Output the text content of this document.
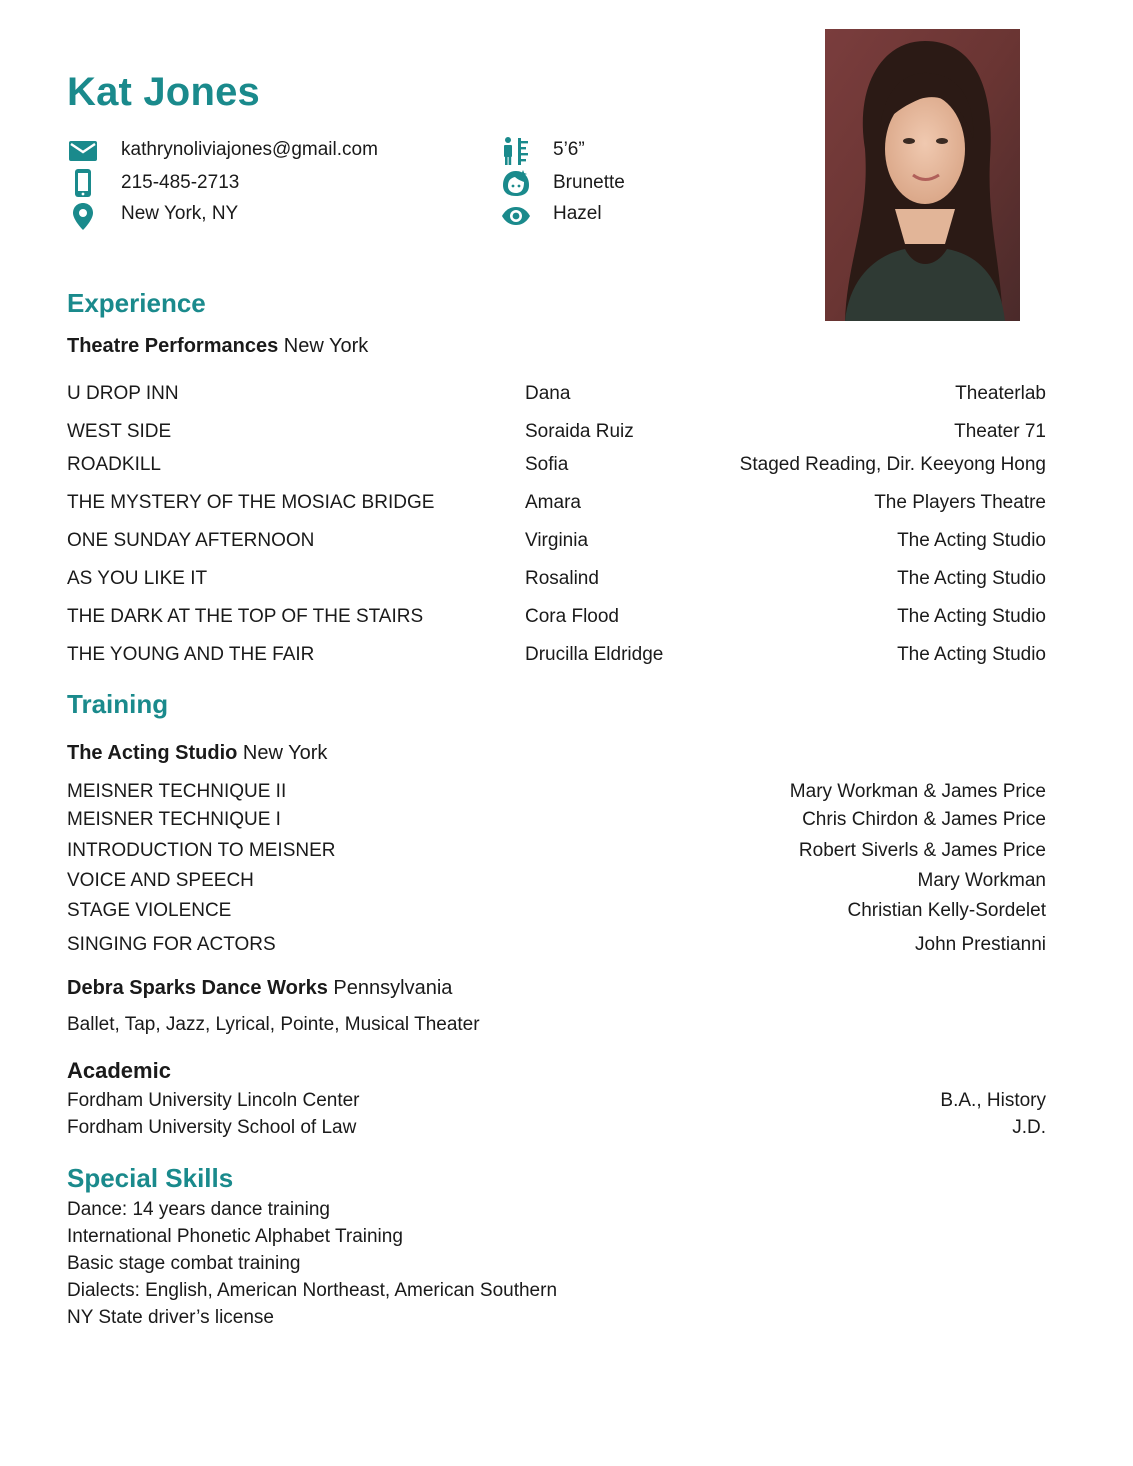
Kat Jones
kathrynoliviajones@gmail.com
215-485-2713
New York, NY
5’6”
Brunette
Hazel
Experience
Theatre Performances New York
U DROP INN	Dana	Theaterlab
WEST SIDE	Soraida Ruiz	Theater 71
ROADKILL	Sofia	Staged Reading, Dir. Keeyong Hong
THE MYSTERY OF THE MOSIAC BRIDGE	Amara	The Players Theatre
ONE SUNDAY AFTERNOON	Virginia	The Acting Studio
AS YOU LIKE IT	Rosalind	The Acting Studio
THE DARK AT THE TOP OF THE STAIRS	Cora Flood	The Acting Studio
THE YOUNG AND THE FAIR	Drucilla Eldridge	The Acting Studio
Training
The Acting Studio New York
MEISNER TECHNIQUE II	Mary Workman & James Price
MEISNER TECHNIQUE I	Chris Chirdon & James Price
INTRODUCTION TO MEISNER	Robert Siverls & James Price
VOICE AND SPEECH	Mary Workman
STAGE VIOLENCE	Christian Kelly-Sordelet
SINGING FOR ACTORS	John Prestianni
Debra Sparks Dance Works Pennsylvania
Ballet, Tap, Jazz, Lyrical, Pointe, Musical Theater
Academic
Fordham University Lincoln Center	B.A., History
Fordham University School of Law	J.D.
Special Skills
Dance: 14 years dance training
International Phonetic Alphabet Training
Basic stage combat training
Dialects: English, American Northeast, American Southern
NY State driver’s license
